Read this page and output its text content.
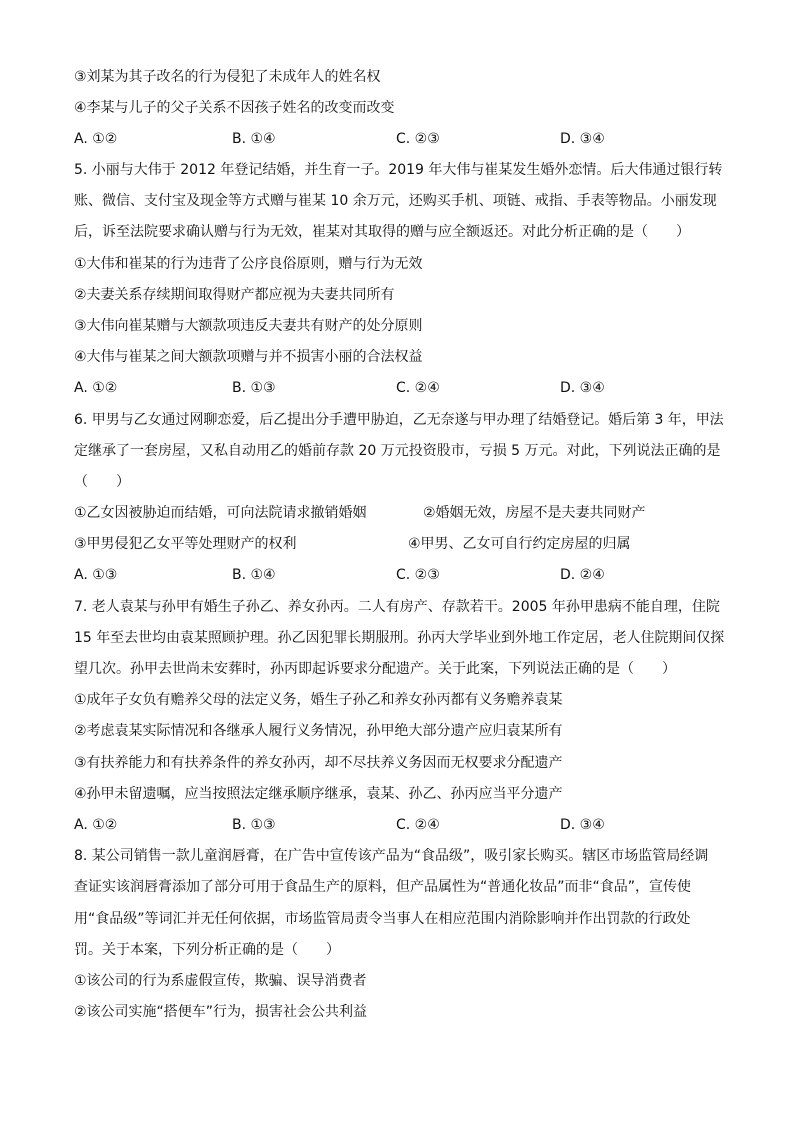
③刘某为其子改名的行为侵犯了未成年人的姓名权
④李某与儿子的父子关系不因孩子姓名的改变而改变
A. ①②	B. ①④	C. ②③	D. ③④
5. 小丽与大伟于 2012 年登记结婚，并生育一子。2019 年大伟与崔某发生婚外恋情。后大伟通过银行转
账、微信、支付宝及现金等方式赠与崔某 10 余万元，还购买手机、项链、戒指、手表等物品。小丽发现
后，诉至法院要求确认赠与行为无效，崔某对其取得的赠与应全额返还。对此分析正确的是（　　）
①大伟和崔某的行为违背了公序良俗原则，赠与行为无效
②夫妻关系存续期间取得财产都应视为夫妻共同所有
③大伟向崔某赠与大额款项违反夫妻共有财产的处分原则
④大伟与崔某之间大额款项赠与并不损害小丽的合法权益
A. ①②	B. ①③	C. ②④	D. ③④
6. 甲男与乙女通过网聊恋爱，后乙提出分手遭甲胁迫，乙无奈遂与甲办理了结婚登记。婚后第 3 年，甲法
定继承了一套房屋，又私自动用乙的婚前存款 20 万元投资股市，亏损 5 万元。对此，下列说法正确的是
（　　）
①乙女因被胁迫而结婚，可向法院请求撤销婚姻	②婚姻无效，房屋不是夫妻共同财产
③甲男侵犯乙女平等处理财产的权利	④甲男、乙女可自行约定房屋的归属
A. ①③	B. ①④	C. ②③	D. ②④
7. 老人袁某与孙甲有婚生子孙乙、养女孙丙。二人有房产、存款若干。2005 年孙甲患病不能自理，住院
15 年至去世均由袁某照顾护理。孙乙因犯罪长期服刑。孙丙大学毕业到外地工作定居，老人住院期间仅探
望几次。孙甲去世尚未安葬时，孙丙即起诉要求分配遗产。关于此案，下列说法正确的是（　　）
①成年子女负有赡养父母的法定义务，婚生子孙乙和养女孙丙都有义务赡养袁某
②考虑袁某实际情况和各继承人履行义务情况，孙甲绝大部分遗产应归袁某所有
③有扶养能力和有扶养条件的养女孙丙，却不尽扶养义务因而无权要求分配遗产
④孙甲未留遗嘱，应当按照法定继承顺序继承，袁某、孙乙、孙丙应当平分遗产
A. ①②	B. ①③	C. ②④	D. ③④
8. 某公司销售一款儿童润唇膏，在广告中宣传该产品为“食品级”，吸引家长购买。辖区市场监管局经调
查证实该润唇膏添加了部分可用于食品生产的原料，但产品属性为“普通化妆品”而非“食品”，宣传使
用“食品级”等词汇并无任何依据，市场监管局责令当事人在相应范围内消除影响并作出罚款的行政处
罚。关于本案，下列分析正确的是（　　）
①该公司的行为系虚假宣传，欺骗、误导消费者
②该公司实施“搭便车”行为，损害社会公共利益
